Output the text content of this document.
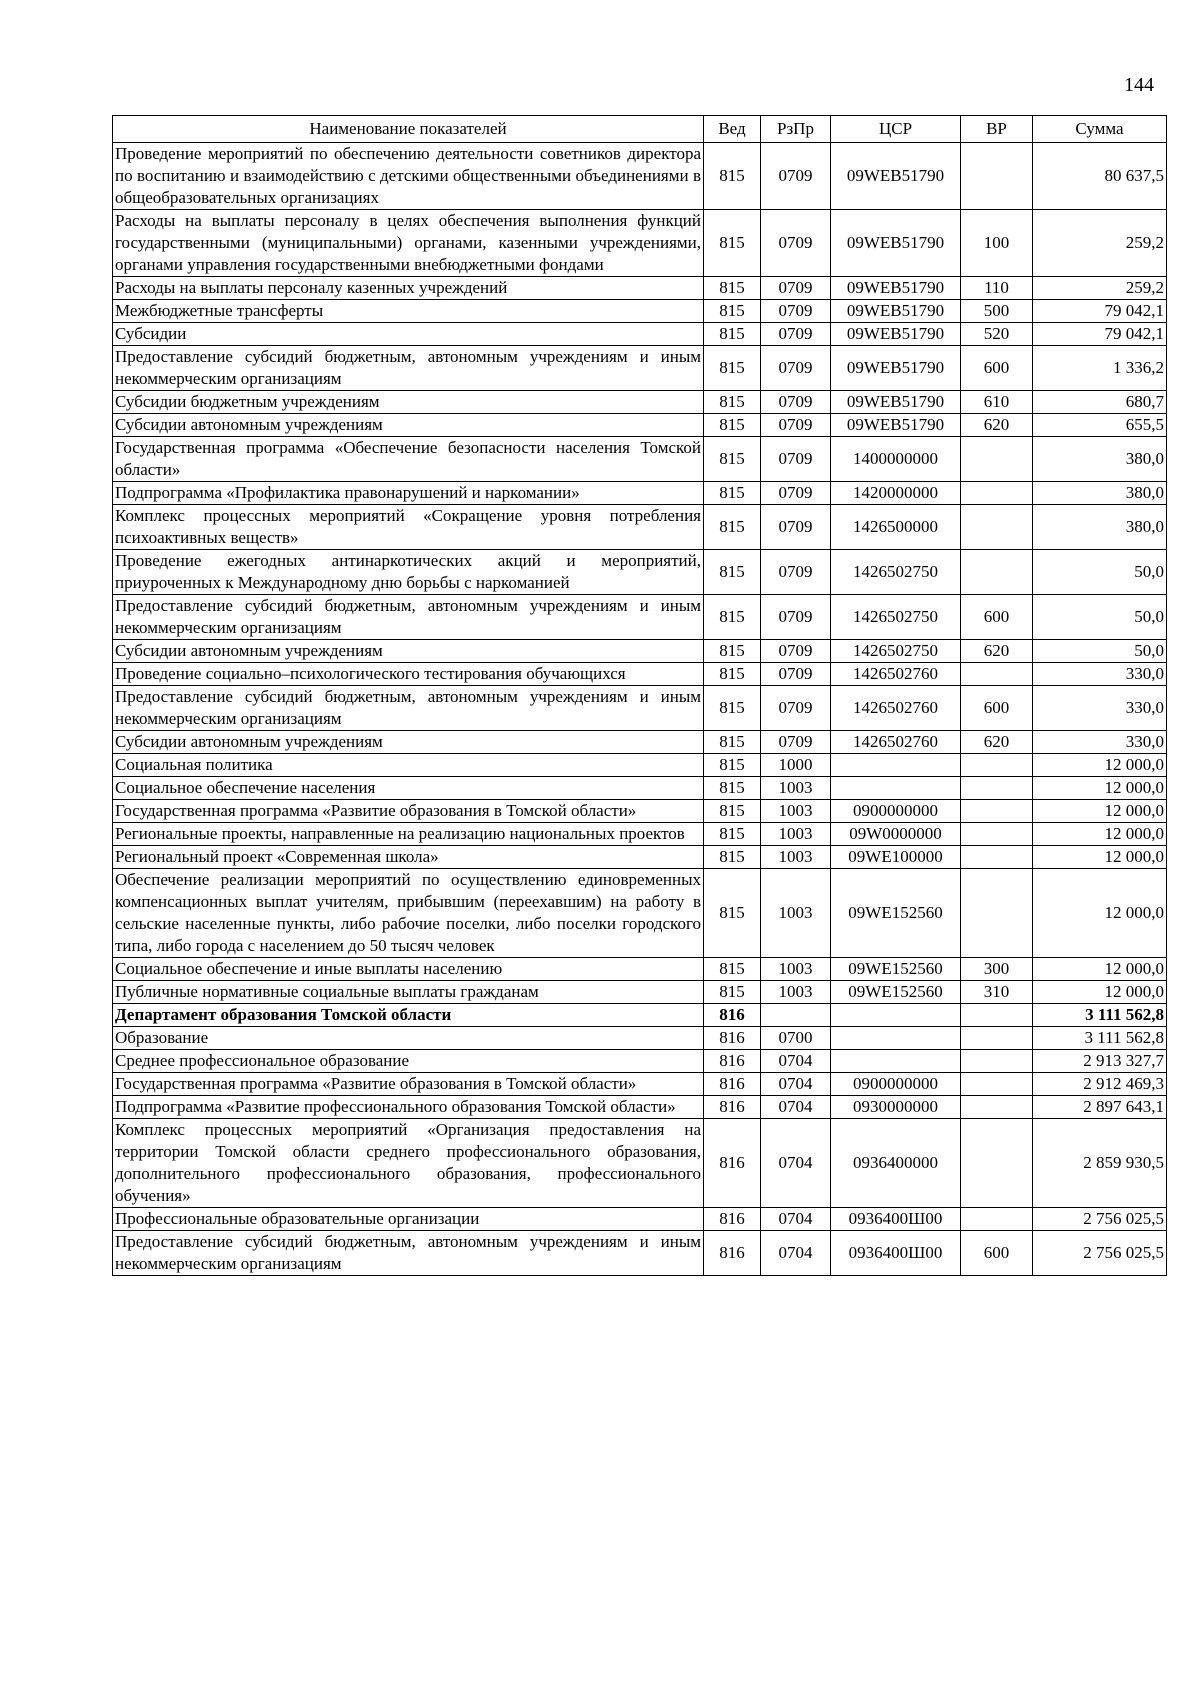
144
Наименование показателей	Вед	РзПр	ЦСР	ВР	Сумма
Проведение мероприятий по обеспечению деятельности советников директора по воспитанию и взаимодействию с детскими общественными объединениями в общеобразовательных организациях	815	0709	09WEB51790		80 637,5
Расходы на выплаты персоналу в целях обеспечения выполнения функций государственными (муниципальными) органами, казенными учреждениями, органами управления государственными внебюджетными фондами	815	0709	09WEB51790	100	259,2
Расходы на выплаты персоналу казенных учреждений	815	0709	09WEB51790	110	259,2
Межбюджетные трансферты	815	0709	09WEB51790	500	79 042,1
Субсидии	815	0709	09WEB51790	520	79 042,1
Предоставление субсидий бюджетным, автономным учреждениям и иным некоммерческим организациям	815	0709	09WEB51790	600	1 336,2
Субсидии бюджетным учреждениям	815	0709	09WEB51790	610	680,7
Субсидии автономным учреждениям	815	0709	09WEB51790	620	655,5
Государственная программа «Обеспечение безопасности населения Томской области»	815	0709	1400000000		380,0
Подпрограмма «Профилактика правонарушений и наркомании»	815	0709	1420000000		380,0
Комплекс процессных мероприятий «Сокращение уровня потребления психоактивных веществ»	815	0709	1426500000		380,0
Проведение ежегодных антинаркотических акций и мероприятий, приуроченных к Международному дню борьбы с наркоманией	815	0709	1426502750		50,0
Предоставление субсидий бюджетным, автономным учреждениям и иным некоммерческим организациям	815	0709	1426502750	600	50,0
Субсидии автономным учреждениям	815	0709	1426502750	620	50,0
Проведение социально–психологического тестирования обучающихся	815	0709	1426502760		330,0
Предоставление субсидий бюджетным, автономным учреждениям и иным некоммерческим организациям	815	0709	1426502760	600	330,0
Субсидии автономным учреждениям	815	0709	1426502760	620	330,0
Социальная политика	815	1000			12 000,0
Социальное обеспечение населения	815	1003			12 000,0
Государственная программа «Развитие образования в Томской области»	815	1003	0900000000		12 000,0
Региональные проекты, направленные на реализацию национальных проектов	815	1003	09W0000000		12 000,0
Региональный проект «Современная школа»	815	1003	09WE100000		12 000,0
Обеспечение реализации мероприятий по осуществлению единовременных компенсационных выплат учителям, прибывшим (переехавшим) на работу в сельские населенные пункты, либо рабочие поселки, либо поселки городского типа, либо города с населением до 50 тысяч человек	815	1003	09WE152560		12 000,0
Социальное обеспечение и иные выплаты населению	815	1003	09WE152560	300	12 000,0
Публичные нормативные социальные выплаты гражданам	815	1003	09WE152560	310	12 000,0
Департамент образования Томской области	816				3 111 562,8
Образование	816	0700			3 111 562,8
Среднее профессиональное образование	816	0704			2 913 327,7
Государственная программа «Развитие образования в Томской области»	816	0704	0900000000		2 912 469,3
Подпрограмма «Развитие профессионального образования Томской области»	816	0704	0930000000		2 897 643,1
Комплекс процессных мероприятий «Организация предоставления на территории Томской области среднего профессионального образования, дополнительного профессионального образования, профессионального обучения»	816	0704	0936400000		2 859 930,5
Профессиональные образовательные организации	816	0704	0936400Ш00		2 756 025,5
Предоставление субсидий бюджетным, автономным учреждениям и иным некоммерческим организациям	816	0704	0936400Ш00	600	2 756 025,5
